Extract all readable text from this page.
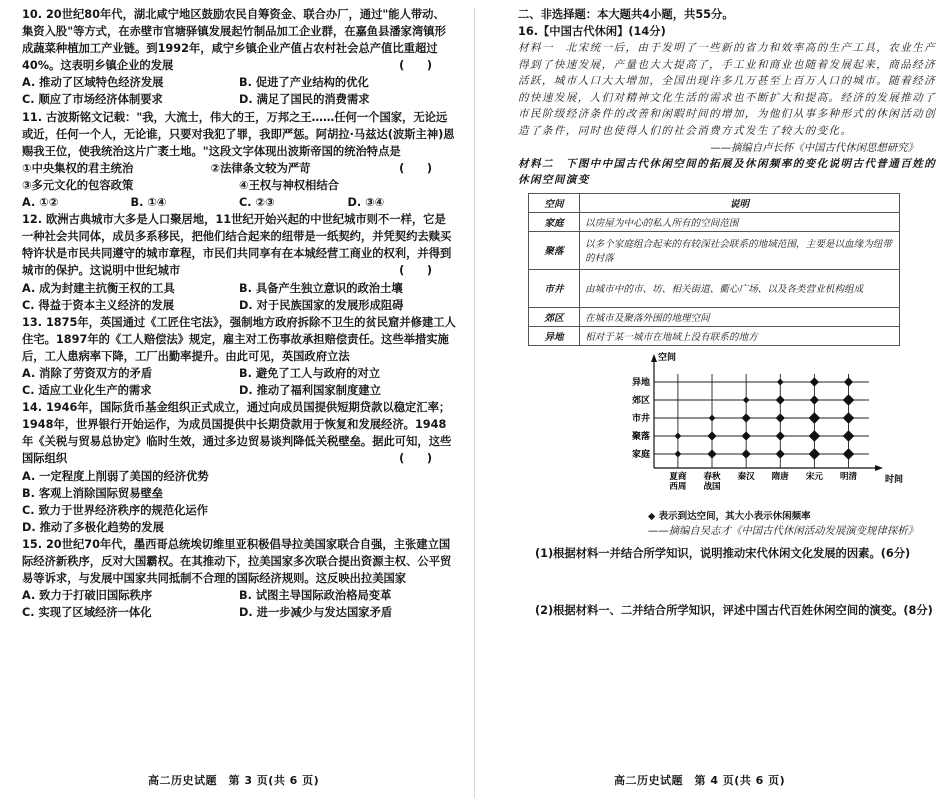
10. 20世纪80年代，湖北咸宁地区鼓励农民自筹资金、联合办厂，通过"能人带动、集资入股"等方式，在赤壁市官塘驿镇发展起竹制品加工企业群，在嘉鱼县潘家湾镇形成蔬菜种植加工产业链。到1992年，咸宁乡镇企业产值占农村社会总产值比重超过40%。这表明乡镇企业的发展	(　　)

A. 推动了区域特色经济发展	B. 促进了产业结构的优化
C. 顺应了市场经济体制要求	D. 满足了国民的消费需求

11. 古波斯铭文记载："我，大流士，伟大的王，万邦之王……任何一个国家，无论远或近，任何一个人，无论谁，只要对我犯了罪，我即严惩。阿胡拉·马兹达(波斯主神)恩赐我王位，使我统治这片广袤土地。"这段文字体现出波斯帝国的统治特点是
(　　)

①中央集权的君主统治	②法律条文较为严苛
③多元文化的包容政策	④王权与神权相结合
A. ①②	B. ①④	C. ②③	D. ③④

12. 欧洲古典城市大多是人口聚居地，11世纪开始兴起的中世纪城市则不一样，它是一种社会共同体，成员多系移民，把他们结合起来的纽带是一纸契约，并凭契约去赎买特许状是市民共同遵守的城市章程，市民们共同享有在本城经营工商业的权利，并得到城市的保护。这说明中世纪城市	(　　)

A. 成为封建主抗衡王权的工具	B. 具备产生独立意识的政治土壤
C. 得益于资本主义经济的发展	D. 对于民族国家的发展形成阻碍

13. 1875年，英国通过《工匠住宅法》，强制地方政府拆除不卫生的贫民窟并修建工人住宅。1897年的《工人赔偿法》规定，雇主对工伤事故承担赔偿责任。这些举措实施后，工人患病率下降，工厂出勤率提升。由此可见，英国政府立法

A. 消除了劳资双方的矛盾	B. 避免了工人与政府的对立
C. 适应工业化生产的需求	D. 推动了福利国家制度建立

14. 1946年，国际货币基金组织正式成立，通过向成员国提供短期贷款以稳定汇率；1948年，世界银行开始运作，为成员国提供中长期贷款用于恢复和发展经济。1948年《关税与贸易总协定》临时生效，通过多边贸易谈判降低关税壁垒。据此可知，这些国际组织	(　　)

A. 一定程度上削弱了美国的经济优势
B. 客观上消除国际贸易壁垒
C. 致力于世界经济秩序的规范化运作
D. 推动了多极化趋势的发展

15. 20世纪70年代，墨西哥总统埃切维里亚积极倡导拉美国家联合自强，主张建立国际经济新秩序，反对大国霸权。在其推动下，拉美国家多次联合提出资源主权、公平贸易等诉求，与发展中国家共同抵制不合理的国际经济规则。这反映出拉美国家

A. 致力于打破旧国际秩序	B. 试图主导国际政治格局变革
C. 实现了区域经济一体化	D. 进一步减少与发达国家矛盾
高二历史试题　第 3 页(共 6 页)

二、非选择题：本大题共4小题，共55分。

16.【中国古代休闲】(14分)

材料一　北宋统一后，由于发明了一些新的省力和效率高的生产工具，农业生产得到了快速发展，产量也大大提高了，手工业和商业也随着发展起来，商品经济活跃，城市人口大大增加，全国出现许多几万甚至上百万人口的城市。随着经济的快速发展，人们对精神文化生活的需求也不断扩大和提高。经济的发展推动了市民阶级经济条件的改善和闲暇时间的增加，为他们从事多种形式的休闲活动创造了条件，同时也使得人们的社会消费方式发生了较大的变化。

——摘编自卢长怀《中国古代休闲思想研究》

材料二　下图中中国古代休闲空间的拓展及休闲频率的变化说明古代普通百姓的休闲空间演变

空间	说明
家庭	以房屋为中心的私人所有的空间范围
聚落	以多个家庭组合起来的有较深社会联系的地域范围，主要是以血缘为纽带的村落
市井	由城市中的市、坊、相关街道、衢心广场、以及各类营业机构组成
郊区	在城市及聚落外围的地理空间
异地	相对于某一城市在地域上没有联系的地方
空间
时间
家庭
聚落
市井
郊区
异地
夏商
西周
春秋
战国
秦汉 隋唐 宋元 明清

◆ 表示到达空间，其大小表示休闲频率

——摘编自吴志才《中国古代休闲活动发展演变规律探析》

(1)根据材料一并结合所学知识，说明推动宋代休闲文化发展的因素。(6分)

(2)根据材料一、二并结合所学知识，评述中国古代百姓休闲空间的演变。(8分)

高二历史试题　第 4 页(共 6 页)
